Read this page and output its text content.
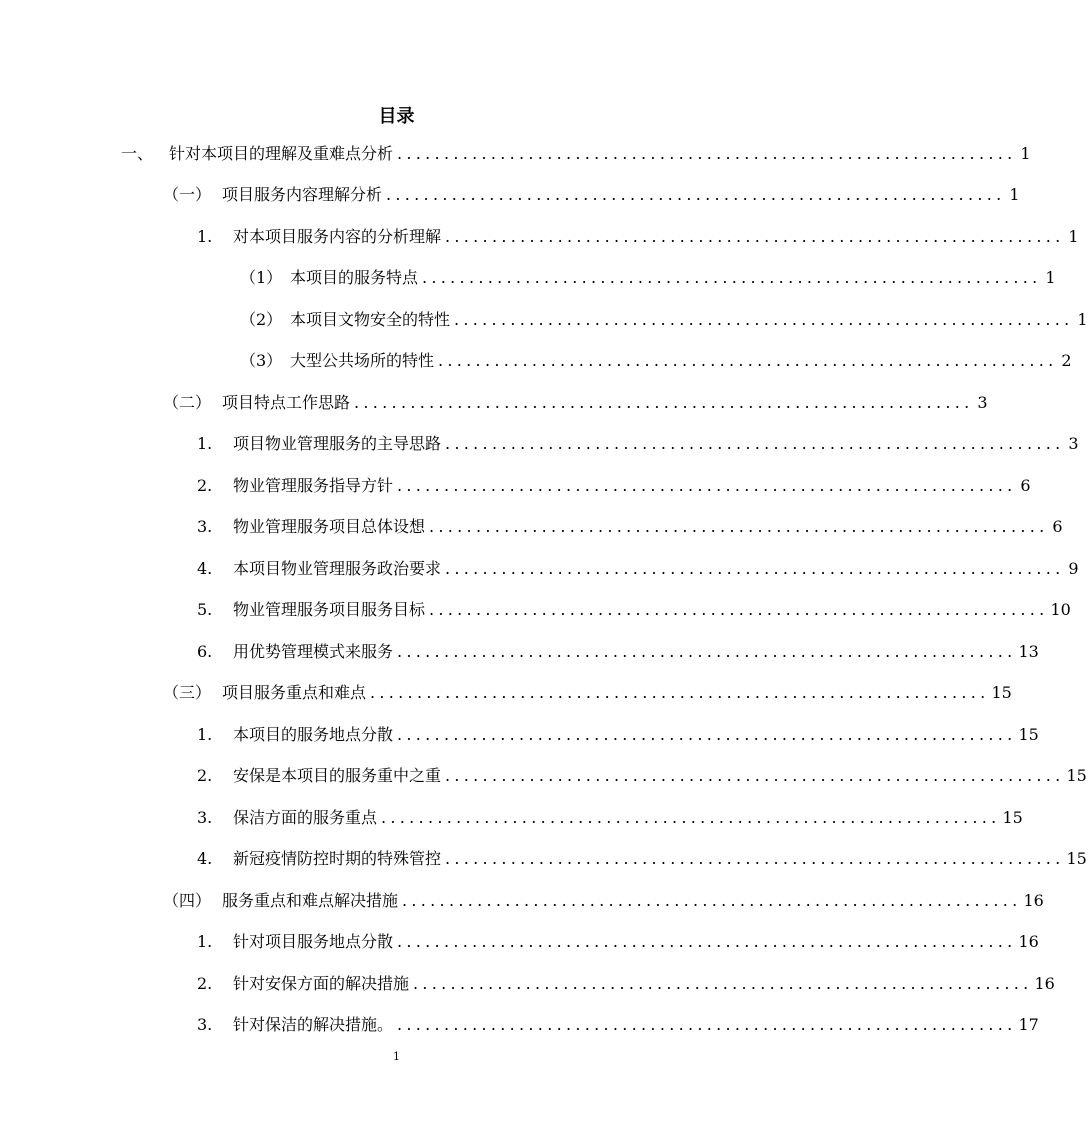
目录
一、 针对本项目的理解及重难点分析 .................................................................. 1
（一） 项目服务内容理解分析 .................................................................. 1
1.	对本项目服务内容的分析理解 .................................................................. 1
（1） 本项目的服务特点 .................................................................. 1
（2） 本项目文物安全的特性 .................................................................. 1
（3） 大型公共场所的特性 .................................................................. 2
（二） 项目特点工作思路 .................................................................. 3
1.	项目物业管理服务的主导思路 .................................................................. 3
2.	物业管理服务指导方针 .................................................................. 6
3.	物业管理服务项目总体设想 .................................................................. 6
4.	本项目物业管理服务政治要求 .................................................................. 9
5.	物业管理服务项目服务目标 .................................................................. 10
6.	用优势管理模式来服务 .................................................................. 13
（三） 项目服务重点和难点 .................................................................. 15
1.	本项目的服务地点分散 .................................................................. 15
2.	安保是本项目的服务重中之重 .................................................................. 15
3.	保洁方面的服务重点 .................................................................. 15
4.	新冠疫情防控时期的特殊管控 .................................................................. 15
（四） 服务重点和难点解决措施 .................................................................. 16
1.	针对项目服务地点分散 .................................................................. 16
2.	针对安保方面的解决措施 .................................................................. 16
3.	针对保洁的解决措施。 .................................................................. 17
1
